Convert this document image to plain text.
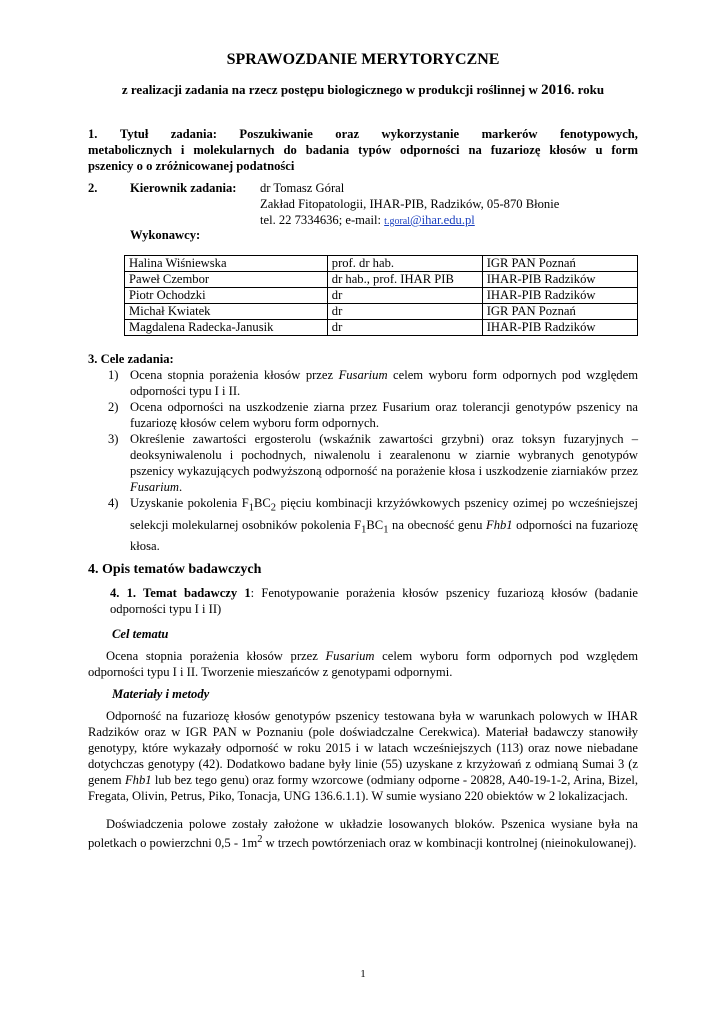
SPRAWOZDANIE MERYTORYCZNE
z realizacji zadania na rzecz postępu biologicznego w produkcji roślinnej w 2016. roku
1. Tytuł zadania: Poszukiwanie oraz wykorzystanie markerów fenotypowych,
metabolicznych i molekularnych do badania typów odporności na fuzariozę kłosów u form
pszenicy o o zróżnicowanej podatności
2.	Kierownik zadania: dr Tomasz Góral
Zakład Fitopatologii, IHAR-PIB, Radzików, 05-870 Błonie
tel. 22 7334636; e-mail: t.goral@ihar.edu.pl
Wykonawcy:
Halina Wiśniewska	prof. dr hab.	IGR PAN Poznań
Paweł Czembor	dr hab., prof. IHAR PIB	IHAR-PIB Radzików
Piotr Ochodzki	dr	IHAR-PIB Radzików
Michał Kwiatek	dr	IGR PAN Poznań
Magdalena Radecka-Janusik	dr	IHAR-PIB Radzików
3. Cele zadania:
1) Ocena stopnia porażenia kłosów przez Fusarium celem wyboru form odpornych pod względem odporności typu I i II.
2) Ocena odporności na uszkodzenie ziarna przez Fusarium oraz tolerancji genotypów pszenicy na fuzariozę kłosów celem wyboru form odpornych.
3) Określenie zawartości ergosterolu (wskaźnik zawartości grzybni) oraz toksyn fuzaryjnych – deoksyniwalenolu i pochodnych, niwalenolu i zearalenonu w ziarnie wybranych genotypów pszenicy wykazujących podwyższoną odporność na porażenie kłosa i uszkodzenie ziarniaków przez Fusarium.
4) Uzyskanie pokolenia $F_1BC_2$ pięciu kombinacji krzyżówkowych pszenicy ozimej po wcześniejszej selekcji molekularnej osobników pokolenia $F_1BC_1$ na obecność genu Fhb1 odporności na fuzariozę kłosa.
4. Opis tematów badawczych
4. 1. Temat badawczy 1: Fenotypowanie porażenia kłosów pszenicy fuzariozą kłosów (badanie odporności typu I i II)
Cel tematu
Ocena stopnia porażenia kłosów przez Fusarium celem wyboru form odpornych pod względem odporności typu I i II. Tworzenie mieszańców z genotypami odpornymi.
Materiały i metody
Odporność na fuzariozę kłosów genotypów pszenicy testowana była w warunkach polowych w IHAR Radzików oraz w IGR PAN w Poznaniu (pole doświadczalne Cerekwica). Materiał badawczy stanowiły genotypy, które wykazały odporność w roku 2015 i w latach wcześniejszych (113) oraz nowe niebadane dotychczas genotypy (42). Dodatkowo badane były linie (55) uzyskane z krzyżowań z odmianą Sumai 3 (z genem Fhb1 lub bez tego genu) oraz formy wzorcowe (odmiany odporne - 20828, A40-19-1-2, Arina, Bizel, Fregata, Olivin, Petrus, Piko, Tonacja, UNG 136.6.1.1). W sumie wysiano 220 obiektów w 2 lokalizacjach.
Doświadczenia polowe zostały założone w układzie losowanych bloków. Pszenica wysiane była na poletkach o powierzchni $0,5 - 1m^2$ w trzech powtórzeniach oraz w kombinacji kontrolnej (nieinokulowanej).
1
